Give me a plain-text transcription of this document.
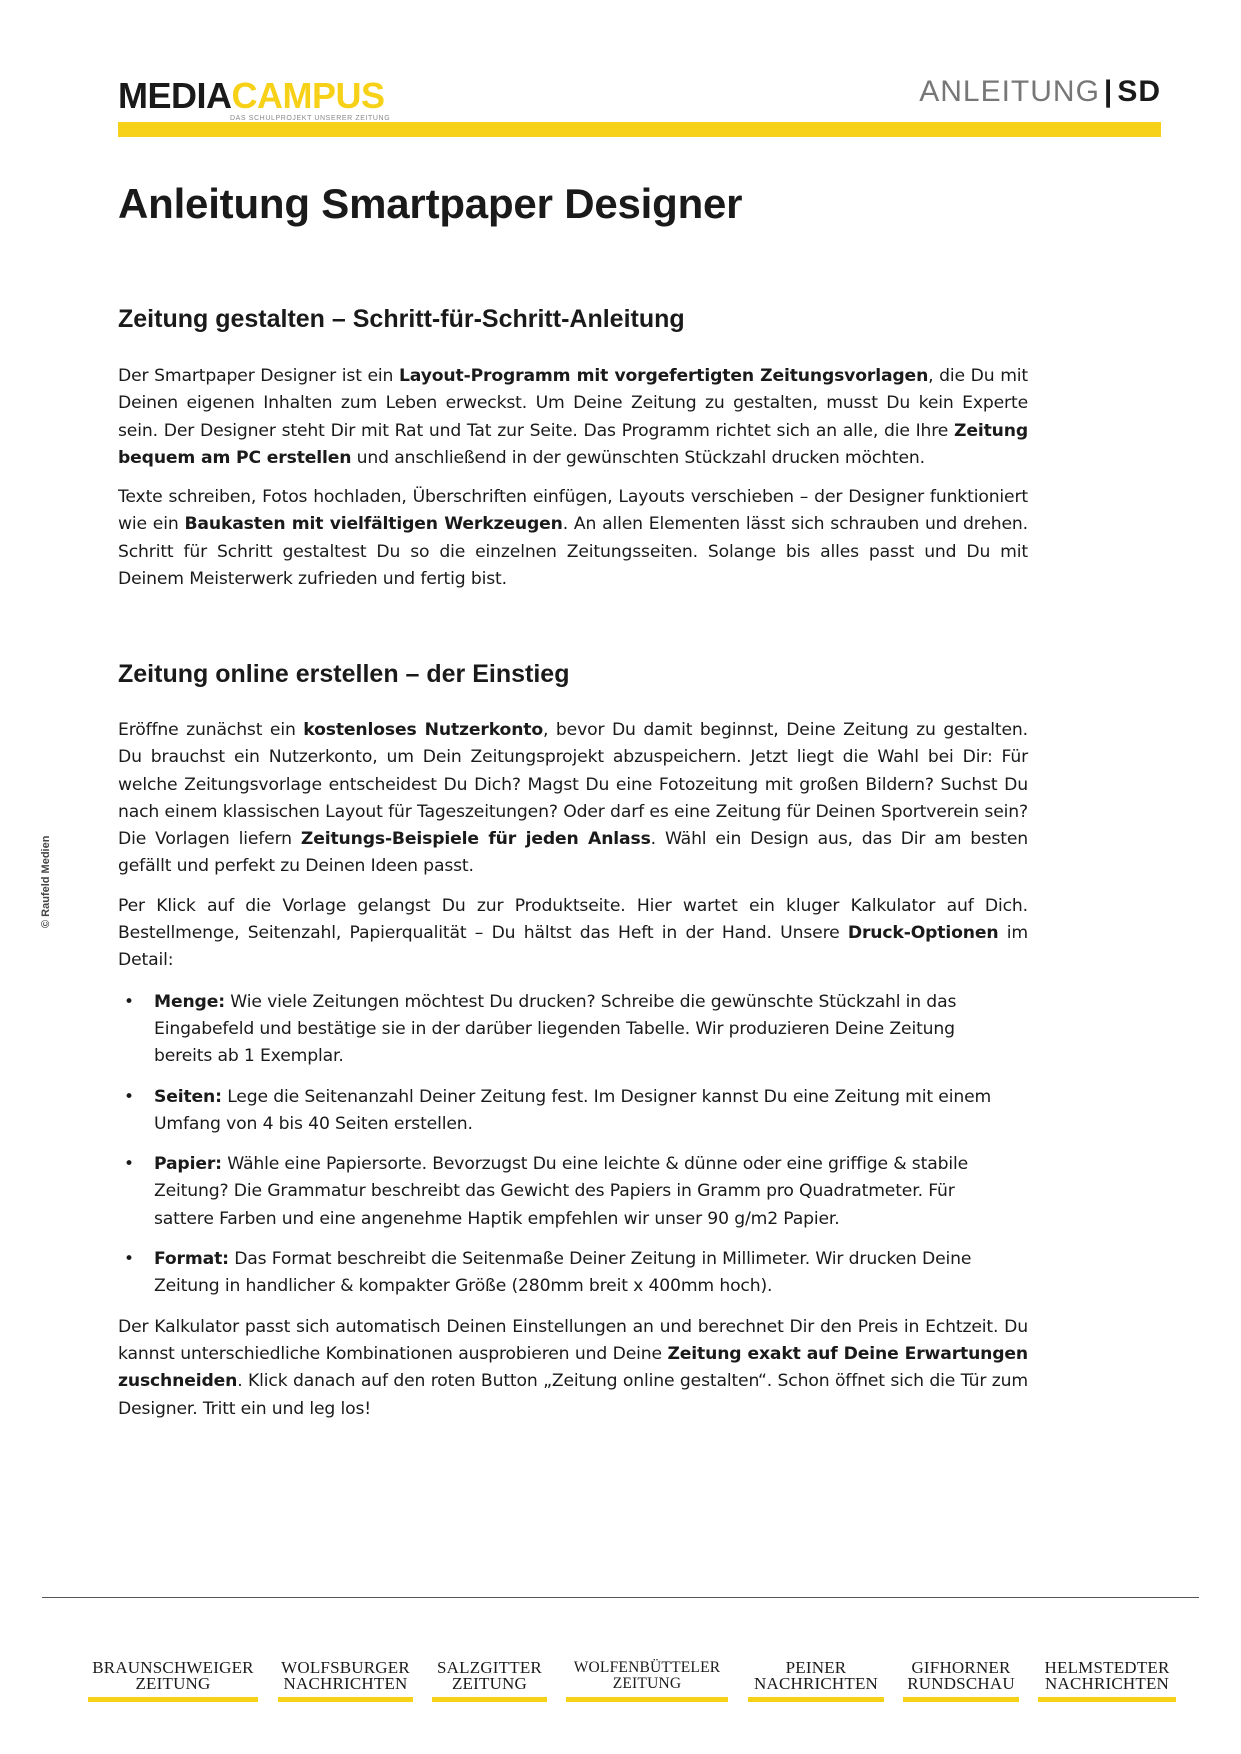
MEDIACAMPUS
DAS SCHULPROJEKT UNSERER ZEITUNG
ANLEITUNG | SD
Anleitung Smartpaper Designer
Zeitung gestalten – Schritt-für-Schritt-Anleitung

Der Smartpaper Designer ist ein Layout-Programm mit vorgefertigten Zeitungsvorlagen, die Du mit Deinen eigenen Inhalten zum Leben erweckst. Um Deine Zeitung zu gestalten, musst Du kein Experte sein. Der Designer steht Dir mit Rat und Tat zur Seite. Das Programm richtet sich an alle, die Ihre Zeitung bequem am PC erstellen und anschließend in der gewünschten Stückzahl drucken möchten.

Texte schreiben, Fotos hochladen, Überschriften einfügen, Layouts verschieben – der Designer funktioniert wie ein Baukasten mit vielfältigen Werkzeugen. An allen Elementen lässt sich schrauben und drehen. Schritt für Schritt gestaltest Du so die einzelnen Zeitungsseiten. Solange bis alles passt und Du mit Deinem Meisterwerk zufrieden und fertig bist.

Zeitung online erstellen – der Einstieg

Eröffne zunächst ein kostenloses Nutzerkonto, bevor Du damit beginnst, Deine Zeitung zu gestalten. Du brauchst ein Nutzerkonto, um Dein Zeitungsprojekt abzuspeichern. Jetzt liegt die Wahl bei Dir: Für welche Zeitungsvorlage entscheidest Du Dich? Magst Du eine Fotozeitung mit großen Bildern? Suchst Du nach einem klassischen Layout für Tageszeitungen? Oder darf es eine Zeitung für Deinen Sportverein sein? Die Vorlagen liefern Zeitungs-Beispiele für jeden Anlass. Wähl ein Design aus, das Dir am besten gefällt und perfekt zu Deinen Ideen passt.

Per Klick auf die Vorlage gelangst Du zur Produktseite. Hier wartet ein kluger Kalkulator auf Dich. Bestellmenge, Seitenzahl, Papierqualität – Du hältst das Heft in der Hand. Unsere Druck-Optionen im Detail:

• Menge: Wie viele Zeitungen möchtest Du drucken? Schreibe die gewünschte Stückzahl in das Eingabefeld und bestätige sie in der darüber liegenden Tabelle. Wir produzieren Deine Zeitung bereits ab 1 Exemplar.
• Seiten: Lege die Seitenanzahl Deiner Zeitung fest. Im Designer kannst Du eine Zeitung mit einem Umfang von 4 bis 40 Seiten erstellen.
• Papier: Wähle eine Papiersorte. Bevorzugst Du eine leichte & dünne oder eine griffige & stabile Zeitung? Die Grammatur beschreibt das Gewicht des Papiers in Gramm pro Quadratmeter. Für sattere Farben und eine angenehme Haptik empfehlen wir unser 90 g/m2 Papier.
• Format: Das Format beschreibt die Seitenmaße Deiner Zeitung in Millimeter. Wir drucken Deine Zeitung in handlicher & kompakter Größe (280mm breit x 400mm hoch).

Der Kalkulator passt sich automatisch Deinen Einstellungen an und berechnet Dir den Preis in Echtzeit. Du kannst unterschiedliche Kombinationen ausprobieren und Deine Zeitung exakt auf Deine Erwartungen zuschneiden. Klick danach auf den roten Button „Zeitung online gestalten“. Schon öffnet sich die Tür zum Designer. Tritt ein und leg los!

© Raufeld Medien
BRAUNSCHWEIGER
ZEITUNG
WOLFSBURGER
NACHRICHTEN
SALZGITTER
ZEITUNG
WOLFENBÜTTELER
ZEITUNG
PEINER
NACHRICHTEN
GIFHORNER
RUNDSCHAU
HELMSTEDTER
NACHRICHTEN
